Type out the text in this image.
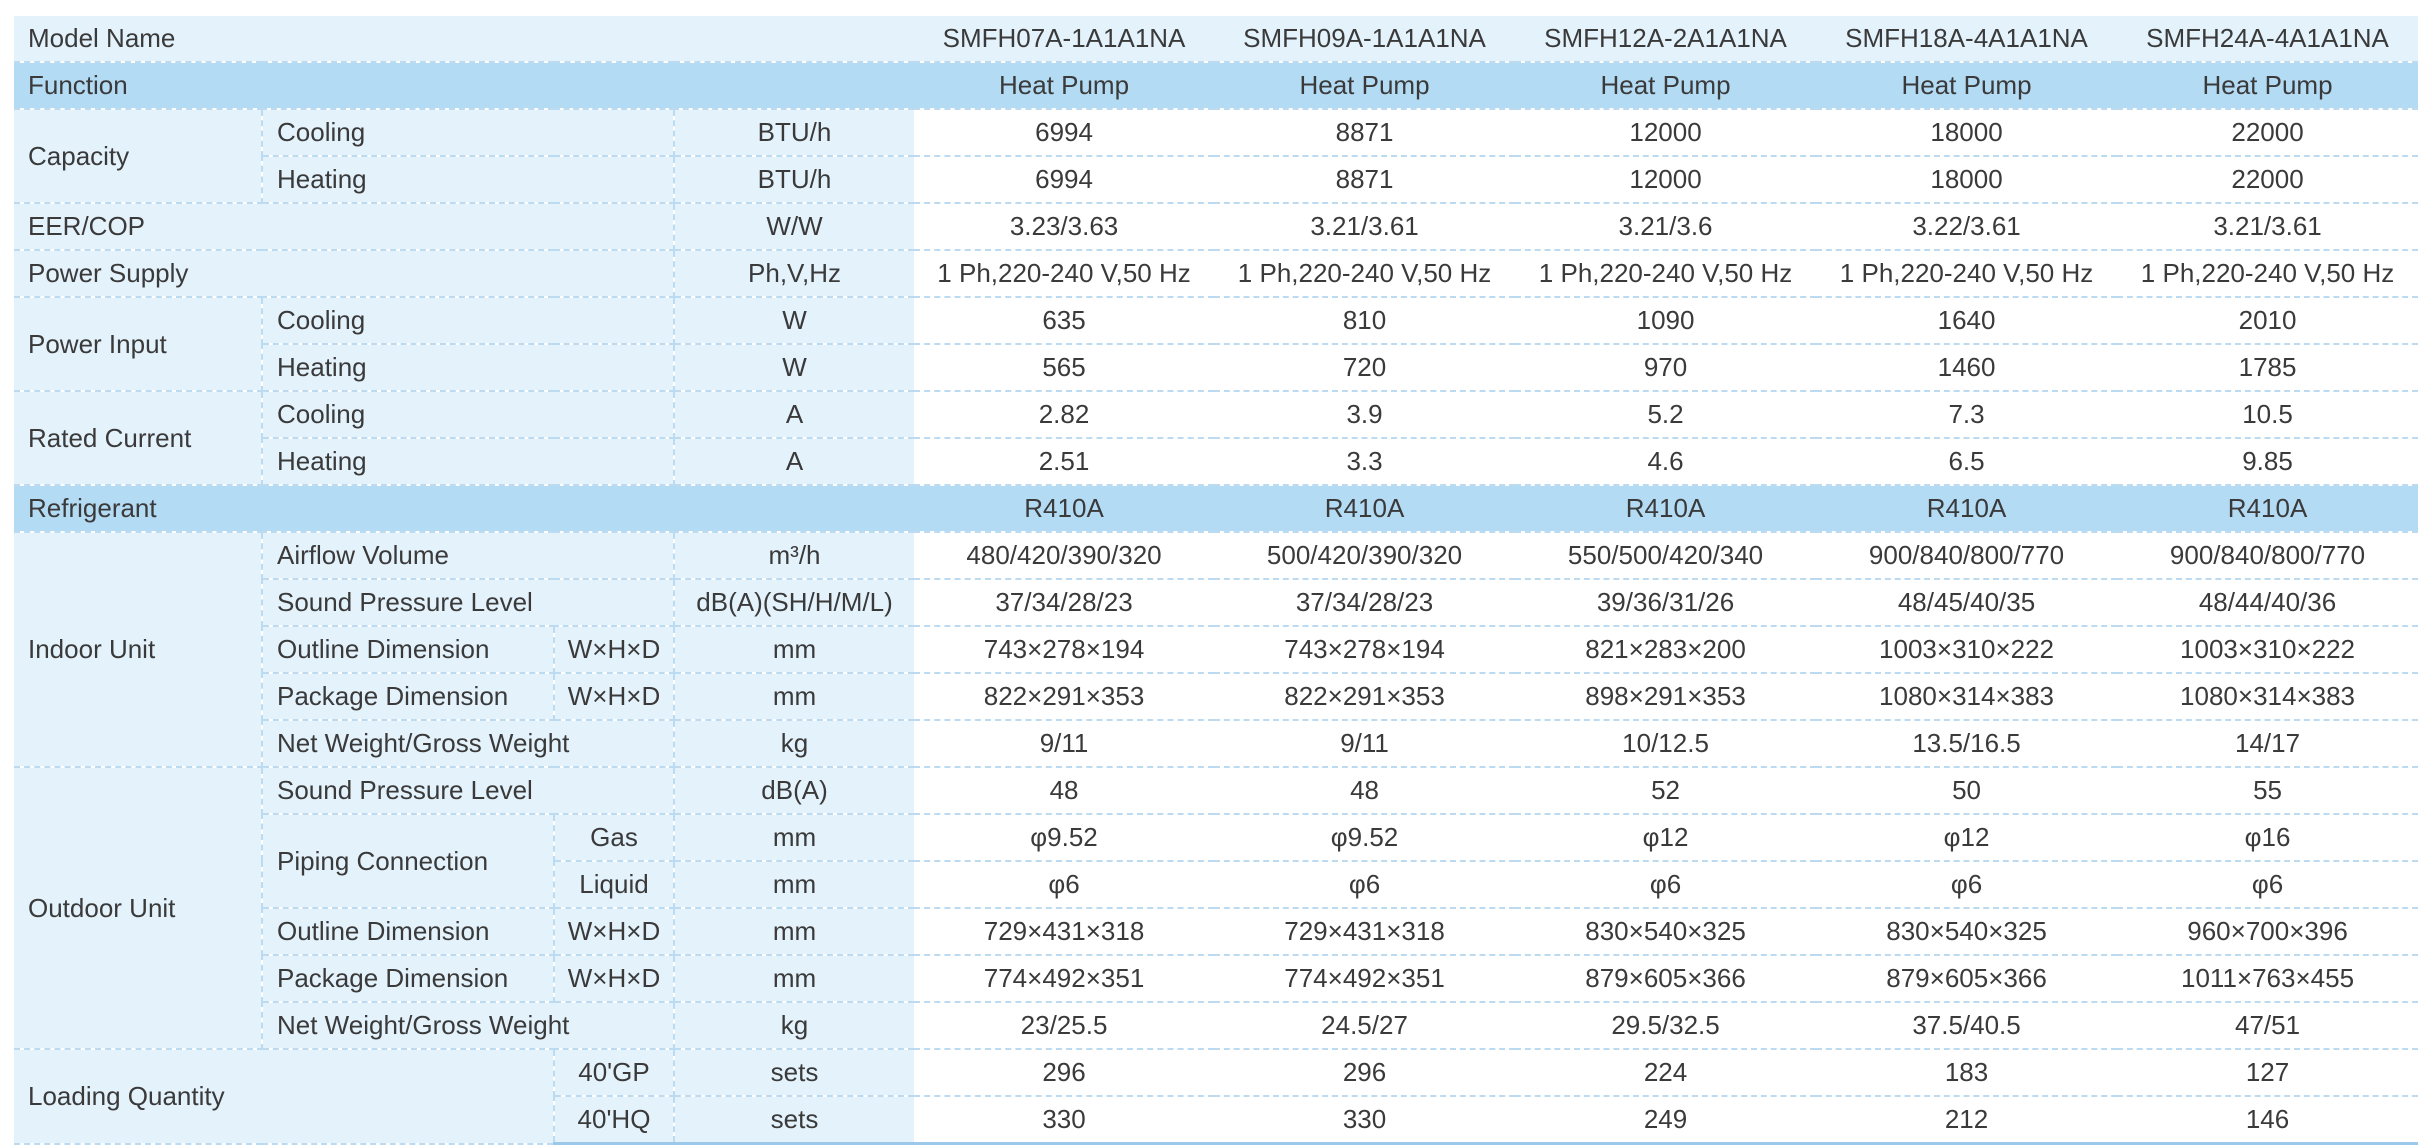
Model Name				SMFH07A-1A1A1NA	SMFH09A-1A1A1NA	SMFH12A-2A1A1NA	SMFH18A-4A1A1NA	SMFH24A-4A1A1NA
Function				Heat Pump	Heat Pump	Heat Pump	Heat Pump	Heat Pump
Capacity	Cooling		BTU/h	6994	8871	12000	18000	22000
	Heating		BTU/h	6994	8871	12000	18000	22000
EER/COP			W/W	3.23/3.63	3.21/3.61	3.21/3.6	3.22/3.61	3.21/3.61
Power Supply			Ph,V,Hz	1 Ph,220-240 V,50 Hz	1 Ph,220-240 V,50 Hz	1 Ph,220-240 V,50 Hz	1 Ph,220-240 V,50 Hz	1 Ph,220-240 V,50 Hz
Power Input	Cooling		W	635	810	1090	1640	2010
	Heating		W	565	720	970	1460	1785
Rated Current	Cooling		A	2.82	3.9	5.2	7.3	10.5
	Heating		A	2.51	3.3	4.6	6.5	9.85
Refrigerant				R410A	R410A	R410A	R410A	R410A
Indoor Unit	Airflow Volume		m³/h	480/420/390/320	500/420/390/320	550/500/420/340	900/840/800/770	900/840/800/770
	Sound Pressure Level		dB(A)(SH/H/M/L)	37/34/28/23	37/34/28/23	39/36/31/26	48/45/40/35	48/44/40/36
	Outline Dimension	W×H×D	mm	743×278×194	743×278×194	821×283×200	1003×310×222	1003×310×222
	Package Dimension	W×H×D	mm	822×291×353	822×291×353	898×291×353	1080×314×383	1080×314×383
	Net Weight/Gross Weight		kg	9/11	9/11	10/12.5	13.5/16.5	14/17
Outdoor Unit	Sound Pressure Level		dB(A)	48	48	52	50	55
	Piping Connection	Gas	mm	φ9.52	φ9.52	φ12	φ12	φ16
		Liquid	mm	φ6	φ6	φ6	φ6	φ6
	Outline Dimension	W×H×D	mm	729×431×318	729×431×318	830×540×325	830×540×325	960×700×396
	Package Dimension	W×H×D	mm	774×492×351	774×492×351	879×605×366	879×605×366	1011×763×455
	Net Weight/Gross Weight		kg	23/25.5	24.5/27	29.5/32.5	37.5/40.5	47/51
Loading Quantity		40'GP	sets	296	296	224	183	127
		40'HQ	sets	330	330	249	212	146
